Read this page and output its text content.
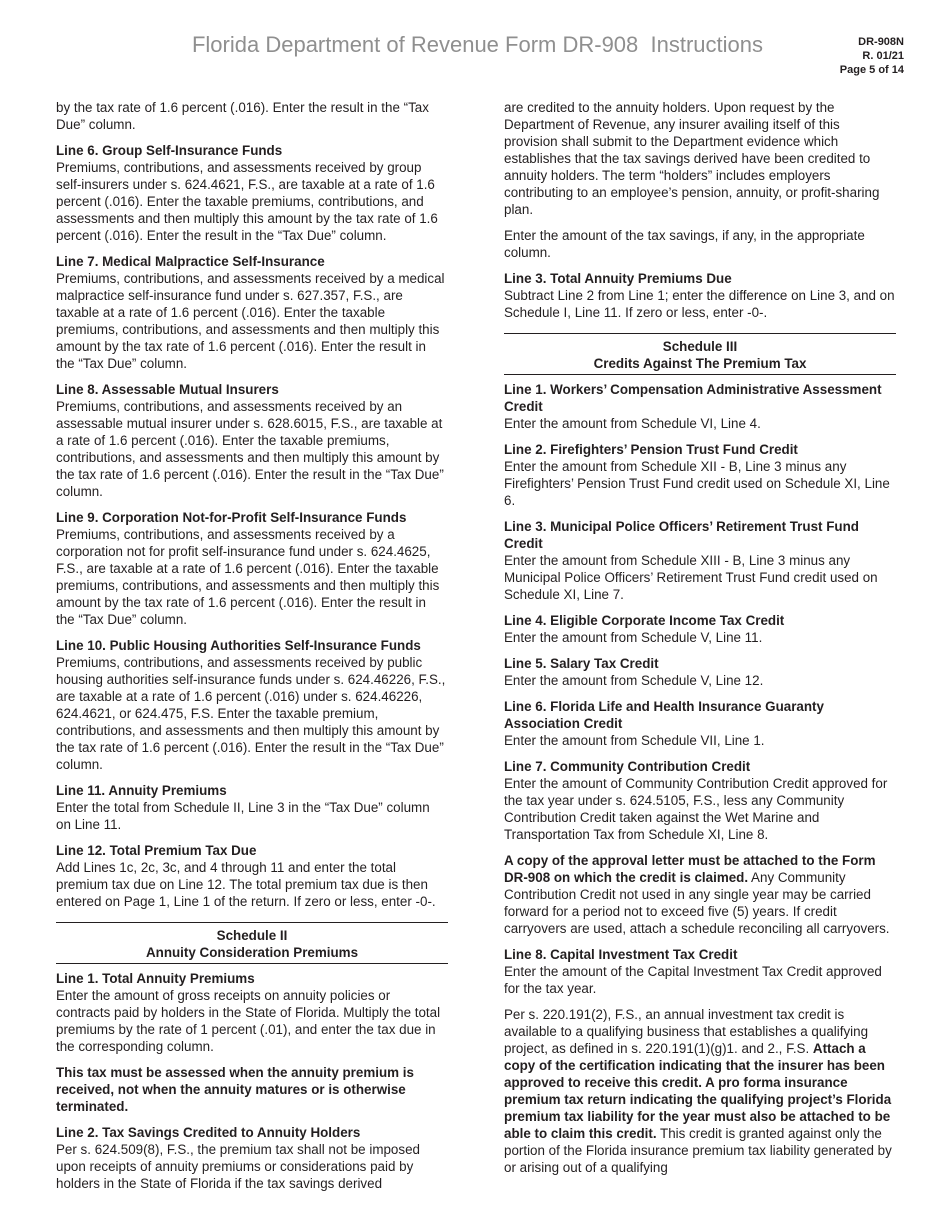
Florida Department of Revenue Form DR-908  Instructions	DR-908N
R. 01/21
Page 5 of 14

by the tax rate of 1.6 percent (.016). Enter the result in the “Tax Due” column.

Line 6. Group Self-Insurance Funds
Premiums, contributions, and assessments received by group self-insurers under s. 624.4621, F.S., are taxable at a rate of 1.6 percent (.016). Enter the taxable premiums, contributions, and assessments and then multiply this amount by the tax rate of 1.6 percent (.016). Enter the result in the “Tax Due” column.
Line 7. Medical Malpractice Self-Insurance
Premiums, contributions, and assessments received by a medical malpractice self-insurance fund under s. 627.357, F.S., are taxable at a rate of 1.6 percent (.016). Enter the taxable premiums, contributions, and assessments and then multiply this amount by the tax rate of 1.6 percent (.016). Enter the result in the “Tax Due” column.
Line 8. Assessable Mutual Insurers
Premiums, contributions, and assessments received by an assessable mutual insurer under s. 628.6015, F.S., are taxable at a rate of 1.6 percent (.016). Enter the taxable premiums, contributions, and assessments and then multiply this amount by the tax rate of 1.6 percent (.016). Enter the result in the “Tax Due” column.
Line 9. Corporation Not-for-Profit Self-Insurance Funds
Premiums, contributions, and assessments received by a corporation not for profit self-insurance fund under s. 624.4625, F.S., are taxable at a rate of 1.6 percent (.016). Enter the taxable premiums, contributions, and assessments and then multiply this amount by the tax rate of 1.6 percent (.016). Enter the result in the “Tax Due” column.
Line 10. Public Housing Authorities Self-Insurance Funds
Premiums, contributions, and assessments received by public housing authorities self-insurance funds under s. 624.46226, F.S., are taxable at a rate of 1.6 percent (.016) under s. 624.46226, 624.4621, or 624.475, F.S. Enter the taxable premium, contributions, and assessments and then multiply this amount by the tax rate of 1.6 percent (.016). Enter the result in the “Tax Due” column.
Line 11. Annuity Premiums
Enter the total from Schedule II, Line 3 in the “Tax Due” column on Line 11.
Line 12. Total Premium Tax Due
Add Lines 1c, 2c, 3c, and 4 through 11 and enter the total premium tax due on Line 12. The total premium tax due is then entered on Page 1, Line 1 of the return. If zero or less, enter -0-.
Schedule II
Annuity Consideration Premiums
Line 1. Total Annuity Premiums
Enter the amount of gross receipts on annuity policies or contracts paid by holders in the State of Florida. Multiply the total premiums by the rate of 1 percent (.01), and enter the tax due in the corresponding column.

This tax must be assessed when the annuity premium is received, not when the annuity matures or is otherwise terminated.

Line 2. Tax Savings Credited to Annuity Holders
Per s. 624.509(8), F.S., the premium tax shall not be imposed upon receipts of annuity premiums or considerations paid by holders in the State of Florida if the tax savings derived

are credited to the annuity holders. Upon request by the Department of Revenue, any insurer availing itself of this provision shall submit to the Department evidence which establishes that the tax savings derived have been credited to annuity holders. The term “holders” includes employers contributing to an employee’s pension, annuity, or profit-sharing plan.

Enter the amount of the tax savings, if any, in the appropriate column.

Line 3. Total Annuity Premiums Due
Subtract Line 2 from Line 1; enter the difference on Line 3, and on Schedule I, Line 11. If zero or less, enter -0-.
Schedule III
Credits Against The Premium Tax
Line 1. Workers’ Compensation Administrative Assessment Credit
Enter the amount from Schedule VI, Line 4.
Line 2. Firefighters’ Pension Trust Fund Credit
Enter the amount from Schedule XII - B, Line 3 minus any Firefighters’ Pension Trust Fund credit used on Schedule XI, Line 6.
Line 3. Municipal Police Officers’ Retirement Trust Fund Credit
Enter the amount from Schedule XIII - B, Line 3 minus any Municipal Police Officers’ Retirement Trust Fund credit used on Schedule XI, Line 7.
Line 4. Eligible Corporate Income Tax Credit
Enter the amount from Schedule V, Line 11.
Line 5. Salary Tax Credit
Enter the amount from Schedule V, Line 12.
Line 6. Florida Life and Health Insurance Guaranty Association Credit
Enter the amount from Schedule VII, Line 1.
Line 7. Community Contribution Credit
Enter the amount of Community Contribution Credit approved for the tax year under s. 624.5105, F.S., less any Community Contribution Credit taken against the Wet Marine and Transportation Tax from Schedule XI, Line 8.

A copy of the approval letter must be attached to the Form DR-908 on which the credit is claimed. Any Community Contribution Credit not used in any single year may be carried forward for a period not to exceed five (5) years. If credit carryovers are used, attach a schedule reconciling all carryovers.

Line 8. Capital Investment Tax Credit
Enter the amount of the Capital Investment Tax Credit approved for the tax year.

Per s. 220.191(2), F.S., an annual investment tax credit is available to a qualifying business that establishes a qualifying project, as defined in s. 220.191(1)(g)1. and 2., F.S. Attach a copy of the certification indicating that the insurer has been approved to receive this credit. A pro forma insurance premium tax return indicating the qualifying project’s Florida premium tax liability for the year must also be attached to be able to claim this credit. This credit is granted against only the portion of the Florida insurance premium tax liability generated by or arising out of a qualifying
